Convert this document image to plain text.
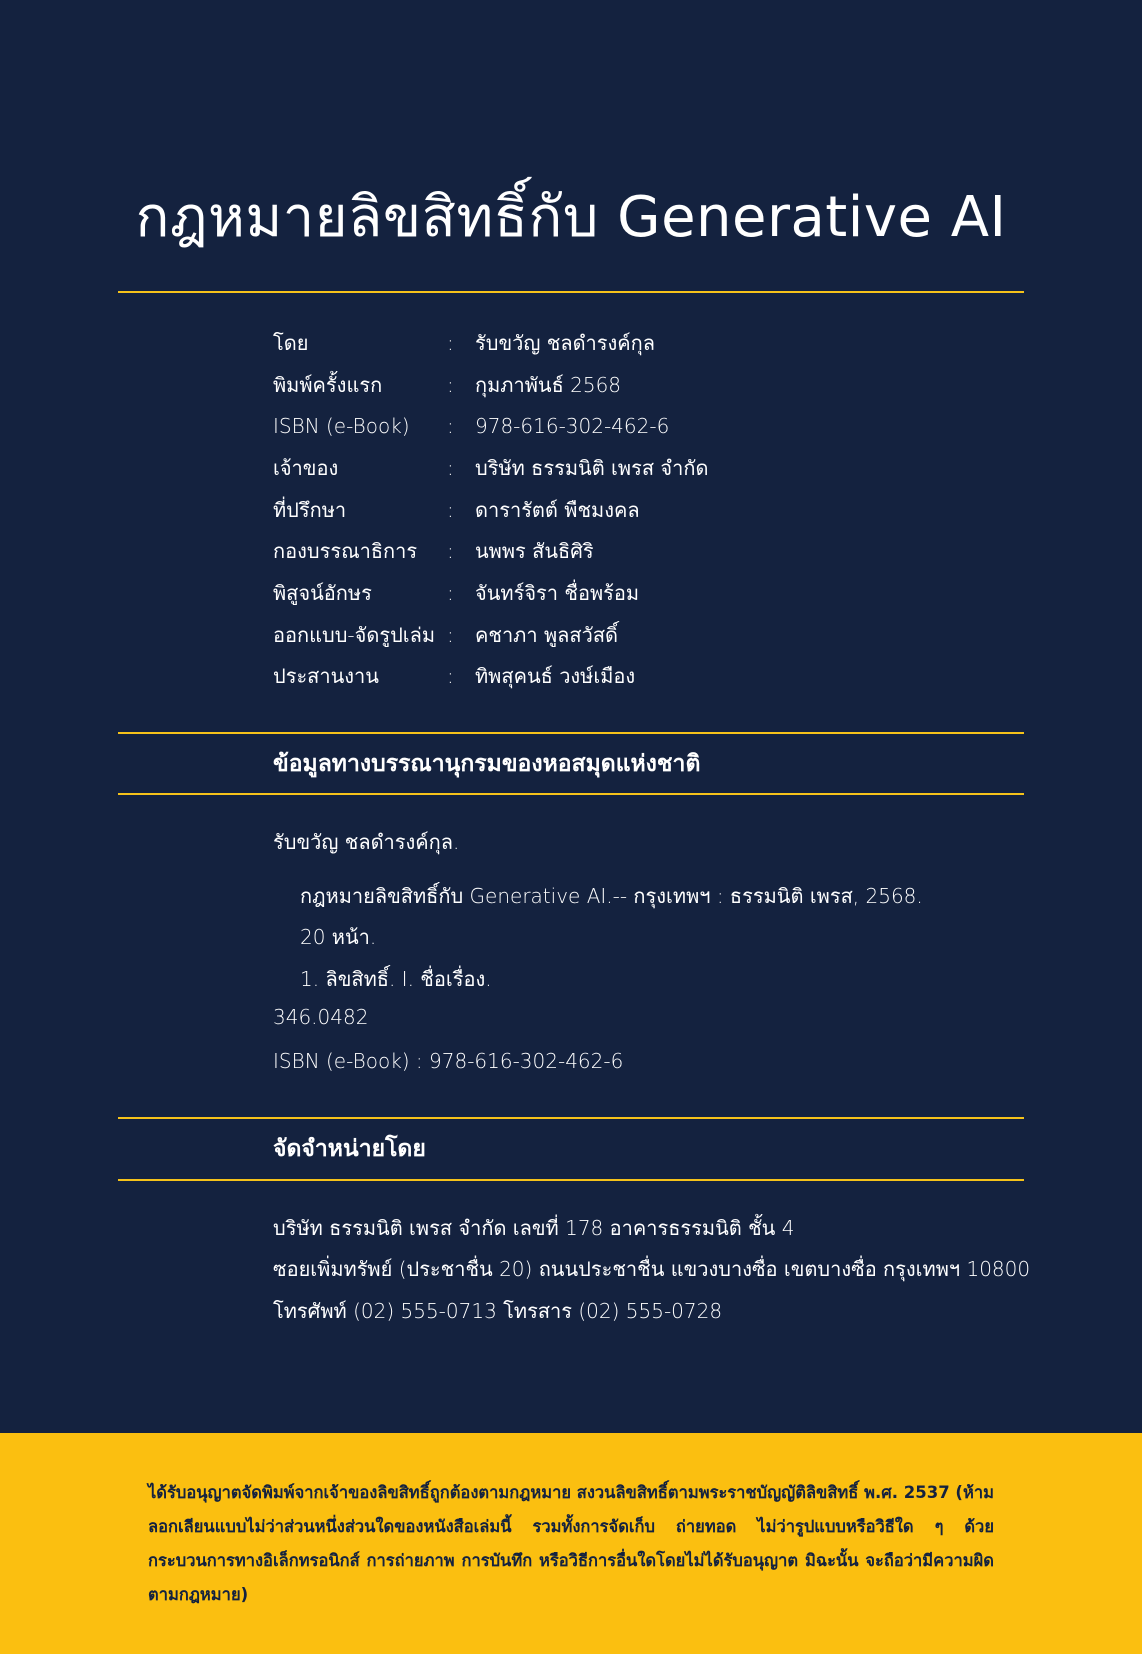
กฎหมายลิขสิทธิ์กับ Generative AI
โดย	:	รับขวัญ ชลดำรงค์กุล
พิมพ์ครั้งแรก	:	กุมภาพันธ์ 2568
ISBN (e-Book)	:	978-616-302-462-6
เจ้าของ	:	บริษัท ธรรมนิติ เพรส จำกัด
ที่ปรึกษา	:	ดารารัตต์ พืชมงคล
กองบรรณาธิการ	:	นพพร สันธิศิริ
พิสูจน์อักษร	:	จันทร์จิรา ชื่อพร้อม
ออกแบบ-จัดรูปเล่ม :	คชาภา พูลสวัสดิ์
ประสานงาน	:	ทิพสุคนธ์ วงษ์เมือง
ข้อมูลทางบรรณานุกรมของหอสมุดแห่งชาติ
รับขวัญ ชลดำรงค์กุล.
กฎหมายลิขสิทธิ์กับ Generative AI.-- กรุงเทพฯ : ธรรมนิติ เพรส, 2568.
20 หน้า.
1. ลิขสิทธิ์. I. ชื่อเรื่อง.
346.0482
ISBN (e-Book) : 978-616-302-462-6
จัดจำหน่ายโดย
บริษัท ธรรมนิติ เพรส จำกัด เลขที่ 178 อาคารธรรมนิติ ชั้น 4
ซอยเพิ่มทรัพย์ (ประชาชื่น 20) ถนนประชาชื่น แขวงบางซื่อ เขตบางซื่อ กรุงเทพฯ 10800
โทรศัพท์ (02) 555-0713 โทรสาร (02) 555-0728

ได้รับอนุญาตจัดพิมพ์จากเจ้าของลิขสิทธิ์ถูกต้องตามกฎหมาย สงวนลิขสิทธิ์ตามพระราชบัญญัติลิขสิทธิ์ พ.ศ. 2537 (ห้ามลอกเลียนแบบไม่ว่าส่วนหนึ่งส่วนใดของหนังสือเล่มนี้ รวมทั้งการจัดเก็บ ถ่ายทอด ไม่ว่ารูปแบบหรือวิธีใด ๆ ด้วยกระบวนการทางอิเล็กทรอนิกส์ การถ่ายภาพ การบันทึก หรือวิธีการอื่นใดโดยไม่ได้รับอนุญาต มิฉะนั้น จะถือว่ามีความผิดตามกฎหมาย)
